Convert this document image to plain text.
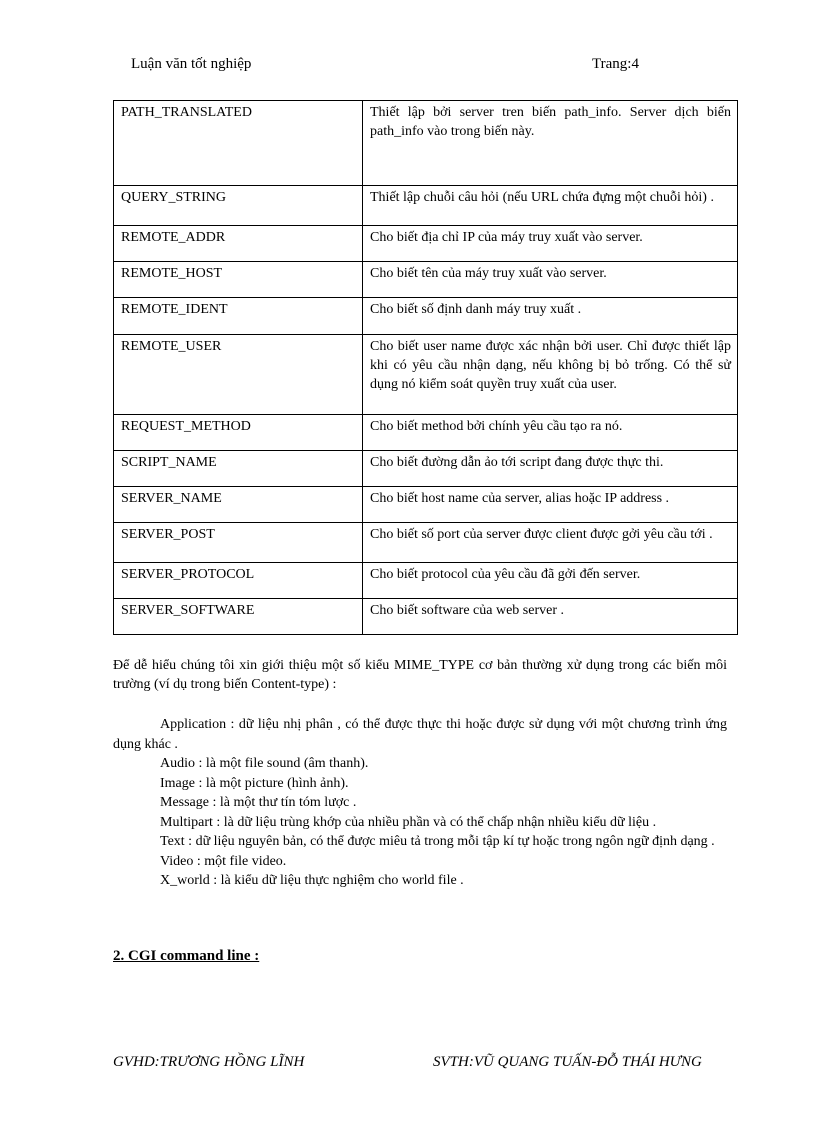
Luận văn tốt nghiệp	Trang:4
PATH_TRANSLATED	Thiết lập bởi server tren biến path_info. Server dịch biến path_info vào trong biến này.
QUERY_STRING	Thiết lập chuỗi câu hỏi (nếu URL chứa đựng một chuỗi hỏi) .
REMOTE_ADDR	Cho biết địa chỉ IP của máy truy xuất vào server.
REMOTE_HOST	Cho biết tên của máy truy xuất vào server.
REMOTE_IDENT	Cho biết số định danh máy truy xuất .
REMOTE_USER	Cho biết user name được xác nhận bởi user. Chỉ được thiết lập khi có yêu cầu nhận dạng, nếu không bị bỏ trống. Có thể sử dụng nó kiểm soát quyền truy xuất của user.
REQUEST_METHOD	Cho biết method bởi chính yêu cầu tạo ra nó.
SCRIPT_NAME	Cho biết đường dẫn ảo tới script đang được thực thi.
SERVER_NAME	Cho biết host name của server, alias hoặc IP address .
SERVER_POST	Cho biết số port của server được client được gởi yêu cầu tới .
SERVER_PROTOCOL	Cho biết protocol của yêu cầu đã gởi đến server.
SERVER_SOFTWARE	Cho biết software của web server .
Để dễ hiểu chúng tôi xin giới thiệu một số kiểu MIME_TYPE cơ bản thường xử dụng trong các biến môi trường (ví dụ trong biến Content-type) :

Application : dữ liệu nhị phân , có thể được thực thi hoặc được sử dụng với một chương trình ứng dụng khác .

Audio : là một file sound (âm thanh).

Image : là một picture (hình ảnh).

Message : là một thư tín tóm lược .

Multipart : là dữ liệu trùng khớp của nhiều phần và có thể chấp nhận nhiều kiểu dữ liệu .

Text : dữ liệu nguyên bản, có thể được miêu tả trong mỗi tập kí tự hoặc trong ngôn ngữ định dạng .

Video : một file video.

X_world : là kiểu dữ liệu thực nghiệm cho world file .

2. CGI command line :
GVHD:TRƯƠNG HỒNG LĨNH	SVTH:VŨ QUANG TUẤN-ĐỖ THÁI HƯNG
